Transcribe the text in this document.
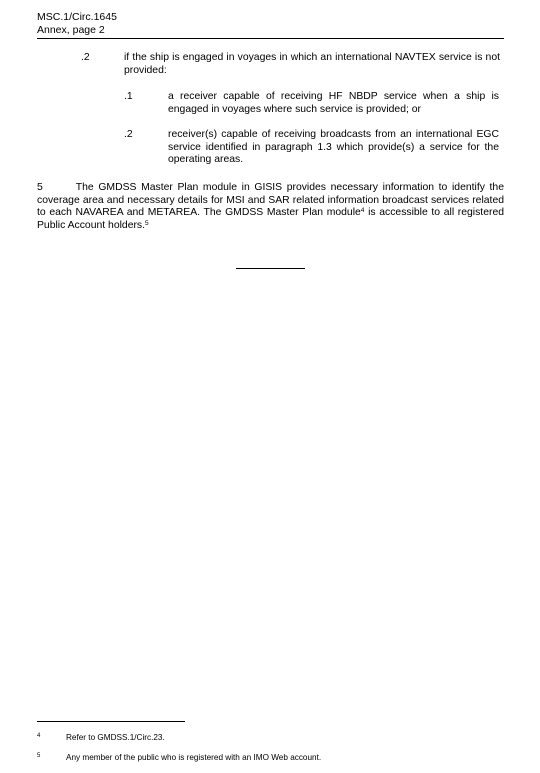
MSC.1/Circ.1645
Annex, page 2
.2	if the ship is engaged in voyages in which an international NAVTEX service is not provided:
.1	a receiver capable of receiving HF NBDP service when a ship is engaged in voyages where such service is provided; or
.2	receiver(s) capable of receiving broadcasts from an international EGC service identified in paragraph 1.3 which provide(s) a service for the operating areas.
5	The GMDSS Master Plan module in GISIS provides necessary information to identify the coverage area and necessary details for MSI and SAR related information broadcast services related to each NAVAREA and METAREA. The GMDSS Master Plan module$^4$ is accessible to all registered Public Account holders.$^5$
4	Refer to GMDSS.1/Circ.23.
5	Any member of the public who is registered with an IMO Web account.
